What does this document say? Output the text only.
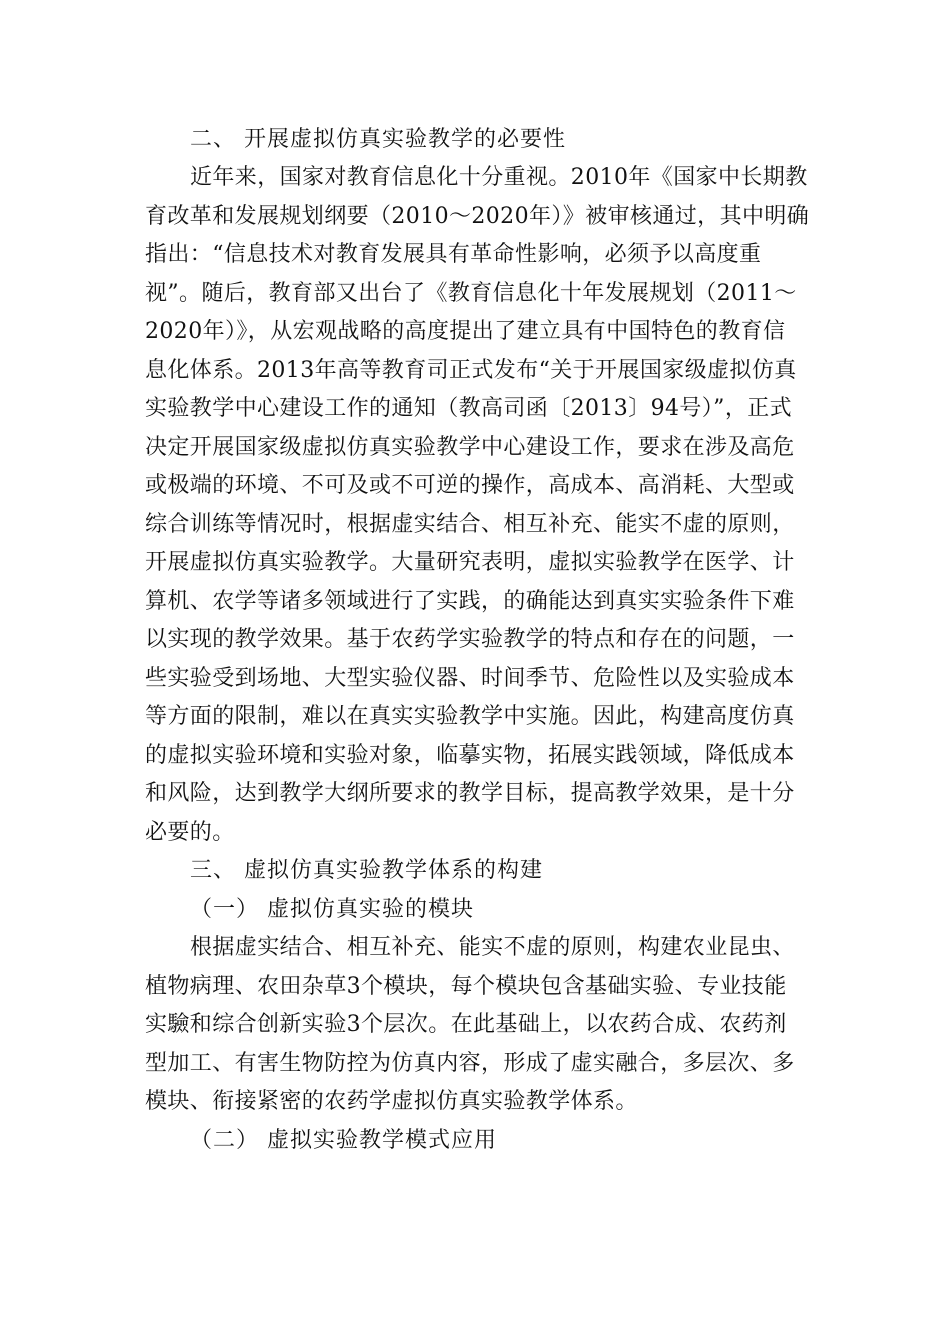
二、 开展虚拟仿真实验教学的必要性
近年来，国家对教育信息化十分重视。2010年《国家中长期教
育改革和发展规划纲要（2010～2020年）》被审核通过，其中明确
指出：“信息技术对教育发展具有革命性影响，必须予以高度重
视”。随后，教育部又出台了《教育信息化十年发展规划（2011～
2020年）》，从宏观战略的高度提出了建立具有中国特色的教育信
息化体系。2013年高等教育司正式发布“关于开展国家级虚拟仿真
实验教学中心建设工作的通知（教高司函〔2013〕94号）”，正式
决定开展国家级虚拟仿真实验教学中心建设工作，要求在涉及高危
或极端的环境、不可及或不可逆的操作，高成本、高消耗、大型或
综合训练等情况时，根据虚实结合、相互补充、能实不虚的原则，
开展虚拟仿真实验教学。大量研究表明，虚拟实验教学在医学、计
算机、农学等诸多领域进行了实践，的确能达到真实实验条件下难
以实现的教学效果。基于农药学实验教学的特点和存在的问题，一
些实验受到场地、大型实验仪器、时间季节、危险性以及实验成本
等方面的限制，难以在真实实验教学中实施。因此，构建高度仿真
的虚拟实验环境和实验对象，临摹实物，拓展实践领域，降低成本
和风险，达到教学大纲所要求的教学目标，提高教学效果，是十分
必要的。
三、 虚拟仿真实验教学体系的构建
（一） 虚拟仿真实验的模块
根据虚实结合、相互补充、能实不虚的原则，构建农业昆虫、
植物病理、农田杂草3个模块，每个模块包含基础实验、专业技能
实驗和综合创新实验3个层次。在此基础上，以农药合成、农药剂
型加工、有害生物防控为仿真内容，形成了虚实融合，多层次、多
模块、衔接紧密的农药学虚拟仿真实验教学体系。
（二） 虚拟实验教学模式应用
